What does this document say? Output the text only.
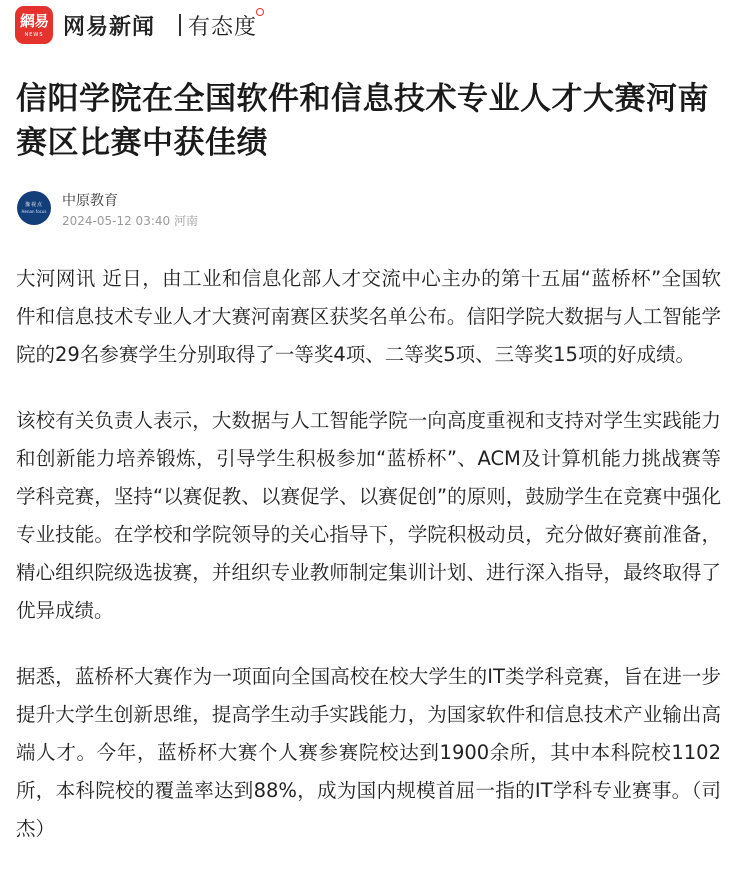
網易
NEWS 网易新闻 有态度
信阳学院在全国软件和信息技术专业人才大赛河南赛区比赛中获佳绩
豫视点
Henan focus
中原教育
2024-05-12 03:40 河南

大河网讯 近日，由工业和信息化部人才交流中心主办的第十五届“蓝桥杯”全国软件和信息技术专业人才大赛河南赛区获奖名单公布。信阳学院大数据与人工智能学院的29名参赛学生分别取得了一等奖4项、二等奖5项、三等奖15项的好成绩。

该校有关负责人表示，大数据与人工智能学院一向高度重视和支持对学生实践能力和创新能力培养锻炼，引导学生积极参加“蓝桥杯”、ACM及计算机能力挑战赛等学科竞赛，坚持“以赛促教、以赛促学、以赛促创”的原则，鼓励学生在竞赛中强化专业技能。在学校和学院领导的关心指导下，学院积极动员，充分做好赛前准备，精心组织院级选拔赛，并组织专业教师制定集训计划、进行深入指导，最终取得了优异成绩。

据悉，蓝桥杯大赛作为一项面向全国高校在校大学生的IT类学科竞赛，旨在进一步提升大学生创新思维，提高学生动手实践能力，为国家软件和信息技术产业输出高端人才。今年，蓝桥杯大赛个人赛参赛院校达到1900余所，其中本科院校1102所，本科院校的覆盖率达到88%，成为国内规模首屈一指的IT学科专业赛事。（司杰）
